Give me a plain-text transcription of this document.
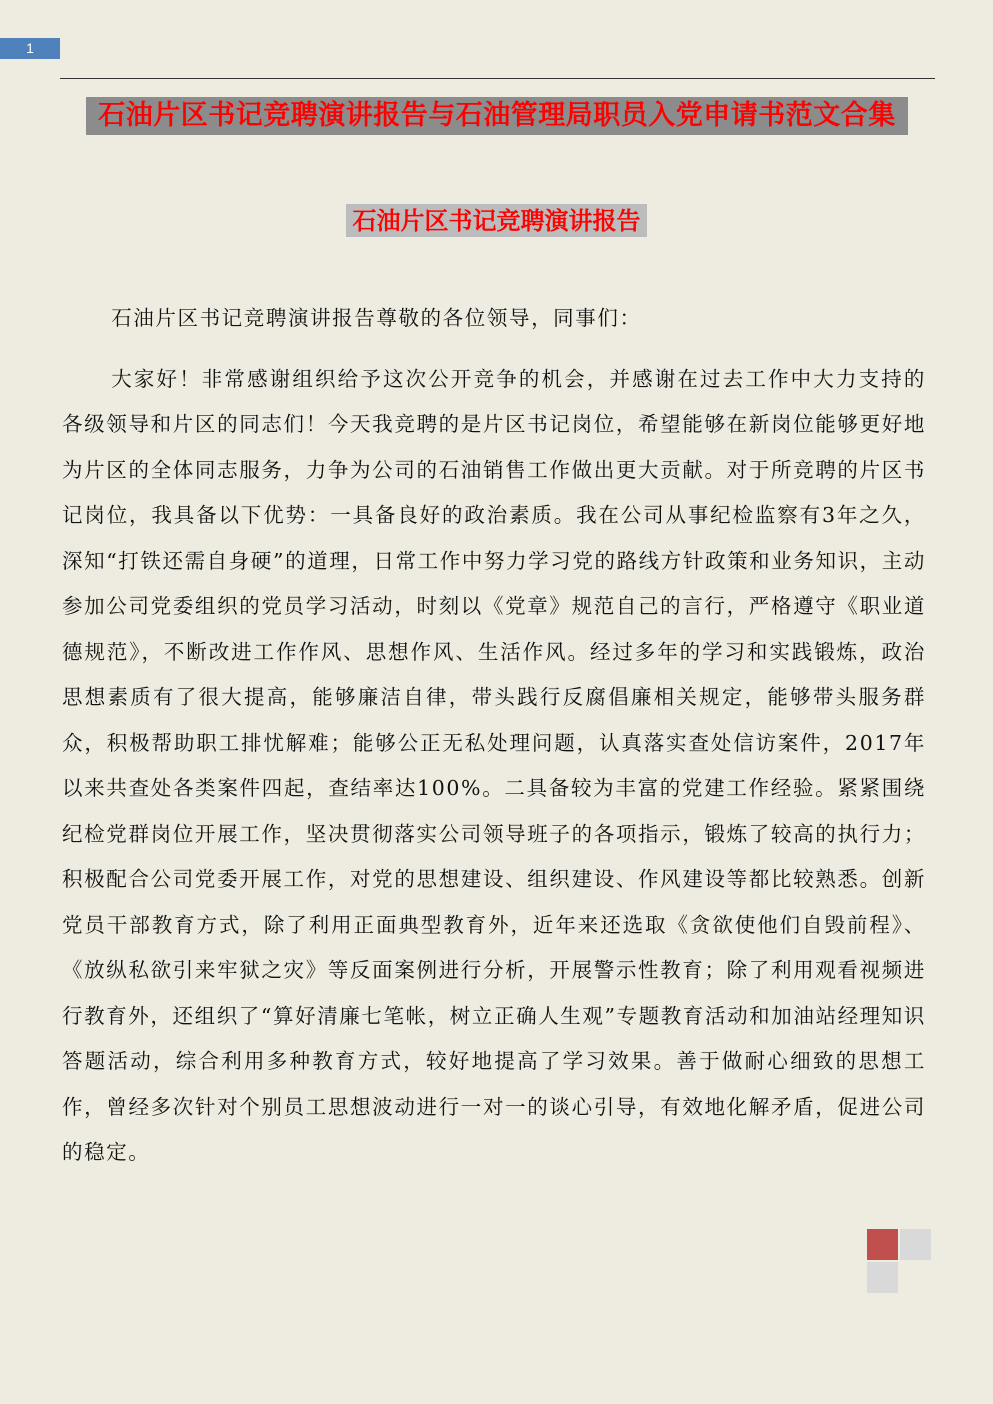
1
石油片区书记竞聘演讲报告与石油管理局职员入党申请书范文合集
石油片区书记竞聘演讲报告

石油片区书记竞聘演讲报告尊敬的各位领导，同事们：

大家好！非常感谢组织给予这次公开竞争的机会，并感谢在过去工作中大力支持的各级领导和片区的同志们！今天我竞聘的是片区书记岗位，希望能够在新岗位能够更好地为片区的全体同志服务，力争为公司的石油销售工作做出更大贡献。对于所竞聘的片区书记岗位，我具备以下优势：一具备良好的政治素质。我在公司从事纪检监察有3年之久，深知“打铁还需自身硬”的道理，日常工作中努力学习党的路线方针政策和业务知识，主动参加公司党委组织的党员学习活动，时刻以《党章》规范自己的言行，严格遵守《职业道德规范》，不断改进工作作风、思想作风、生活作风。经过多年的学习和实践锻炼，政治思想素质有了很大提高，能够廉洁自律，带头践行反腐倡廉相关规定，能够带头服务群众，积极帮助职工排忧解难；能够公正无私处理问题，认真落实查处信访案件，2017年以来共查处各类案件四起，查结率达100%。二具备较为丰富的党建工作经验。紧紧围绕纪检党群岗位开展工作，坚决贯彻落实公司领导班子的各项指示，锻炼了较高的执行力；积极配合公司党委开展工作，对党的思想建设、组织建设、作风建设等都比较熟悉。创新党员干部教育方式，除了利用正面典型教育外，近年来还选取《贪欲使他们自毁前程》、《放纵私欲引来牢狱之灾》等反面案例进行分析，开展警示性教育；除了利用观看视频进行教育外，还组织了“算好清廉七笔帐，树立正确人生观”专题教育活动和加油站经理知识答题活动，综合利用多种教育方式，较好地提高了学习效果。善于做耐心细致的思想工作，曾经多次针对个别员工思想波动进行一对一的谈心引导，有效地化解矛盾，促进公司的稳定。
